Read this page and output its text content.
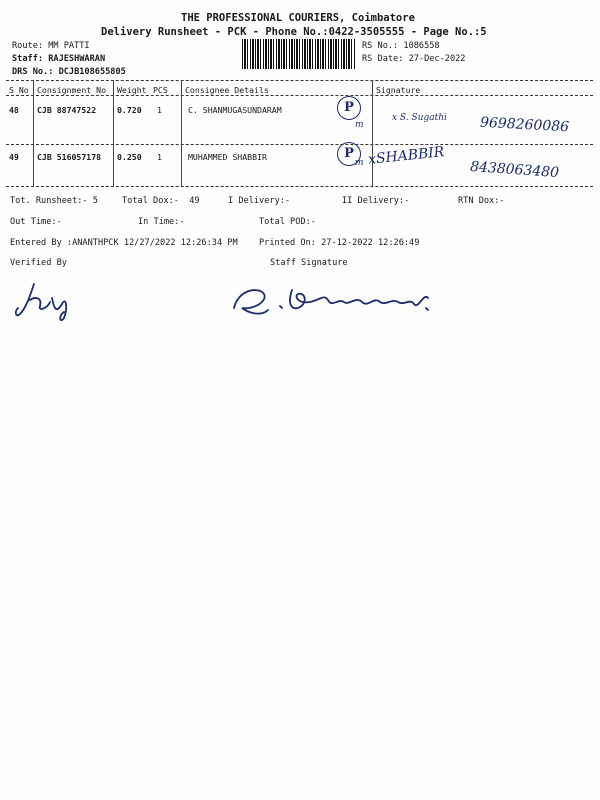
THE PROFESSIONAL COURIERS, Coimbatore
Delivery Runsheet - PCK - Phone No.:0422-3505555 - Page No.:5
Route: MM PATTI
Staff: RAJESHWARAN
DRS No.: DCJB108655805
RS No.: 1086558
RS Date: 27-Dec-2022
S No Consignment No Weight PCS Consignee Details	Signature
48 CJB 88747522	0.720 1	C. SHANMUGASUNDARAM	P
m
x S. Sugathi 9698260086
49 CJB 516057178 0.250 1	MUHAMMED SHABBIR	P
m xSHABBIR
8438063480
Tot. Runsheet:- 5	Total Dox:-  49	I Delivery:-	II Delivery:-	RTN Dox:-
Out Time:-	In Time:-	Total POD:-
Entered By :ANANTHPCK 12/27/2022 12:26:34 PM Printed On: 27-12-2022 12:26:49
Verified By	Staff Signature
